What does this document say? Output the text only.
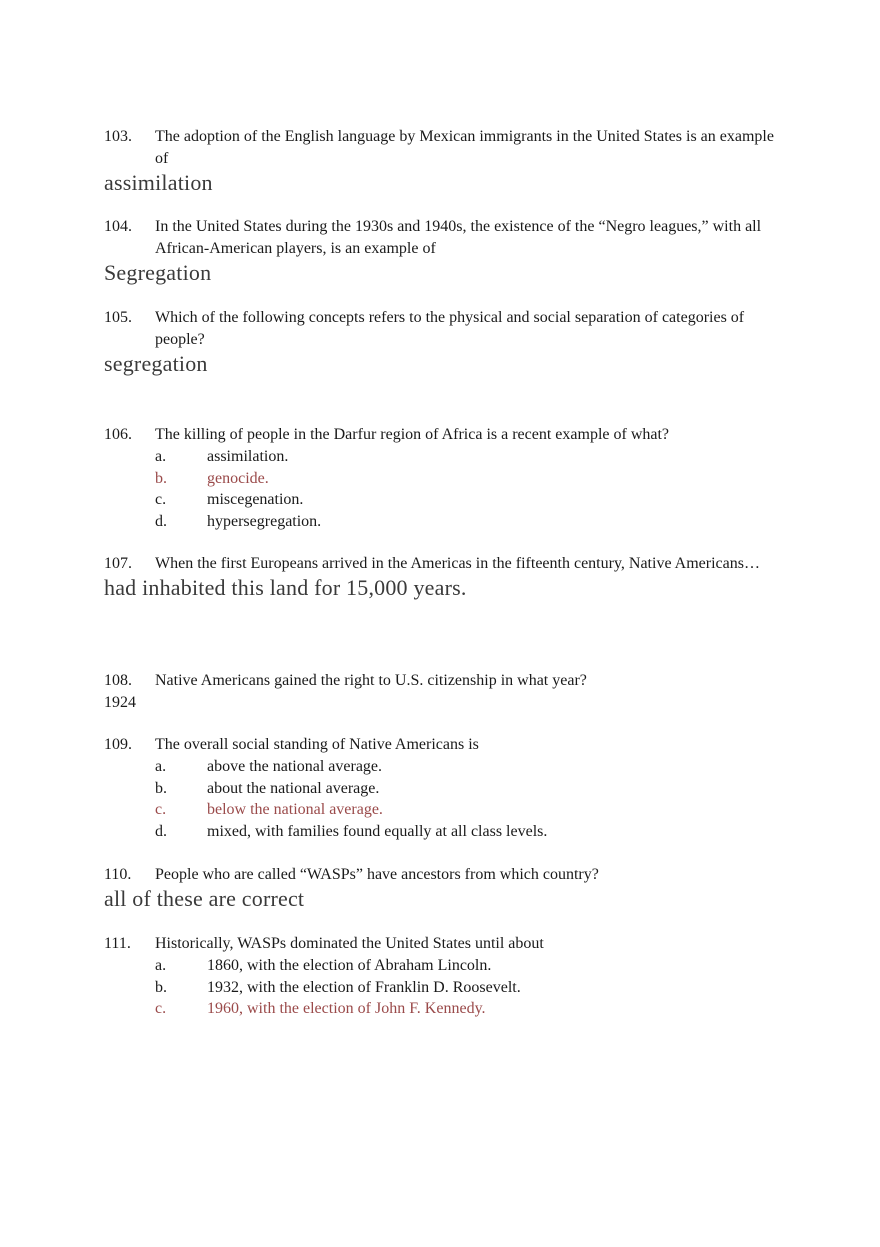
103.	The adoption of the English language by Mexican immigrants in the United States is an example of
assimilation
104.	In the United States during the 1930s and 1940s, the existence of the “Negro leagues,” with all African-American players, is an example of
Segregation
105.	Which of the following concepts refers to the physical and social separation of categories of people?
segregation
106.	The killing of people in the Darfur region of Africa is a recent example of what?
a.	assimilation.
b.	genocide.
c.	miscegenation.
d.	hypersegregation.
107.	When the first Europeans arrived in the Americas in the fifteenth century, Native Americans…
had inhabited this land for 15,000 years.
108.	Native Americans gained the right to U.S. citizenship in what year?
1924
109.	The overall social standing of Native Americans is
a.	above the national average.
b.	about the national average.
c.	below the national average.
d.	mixed, with families found equally at all class levels.
110.	People who are called “WASPs” have ancestors from which country?
all of these are correct
111.	Historically, WASPs dominated the United States until about
a.	1860, with the election of Abraham Lincoln.
b.	1932, with the election of Franklin D. Roosevelt.
c.	1960, with the election of John F. Kennedy.
